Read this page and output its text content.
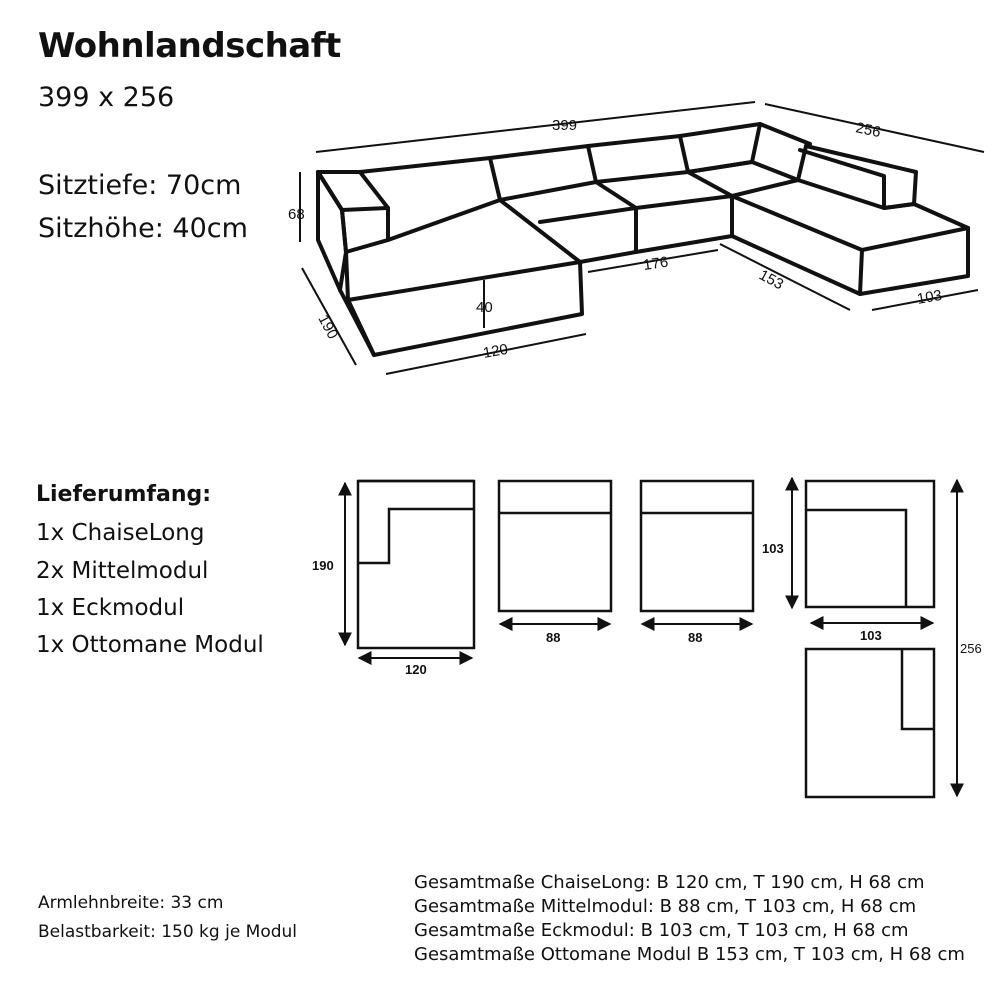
Wohnlandschaft
399 x 256
Sitztiefe: 70cm
Sitzhöhe: 40cm
399	256
68
190
120
40
176
153
103
190
120
88	88
103
103
256
Lieferumfang:
1x ChaiseLong
2x Mittelmodul
1x Eckmodul
1x Ottomane Modul
Armlehnbreite: 33 cm
Belastbarkeit: 150 kg je Modul
Gesamtmaße ChaiseLong: B 120 cm, T 190 cm, H 68 cm
Gesamtmaße Mittelmodul: B 88 cm, T 103 cm, H 68 cm
Gesamtmaße Eckmodul: B 103 cm, T 103 cm, H 68 cm
Gesamtmaße Ottomane Modul B 153 cm, T 103 cm, H 68 cm
